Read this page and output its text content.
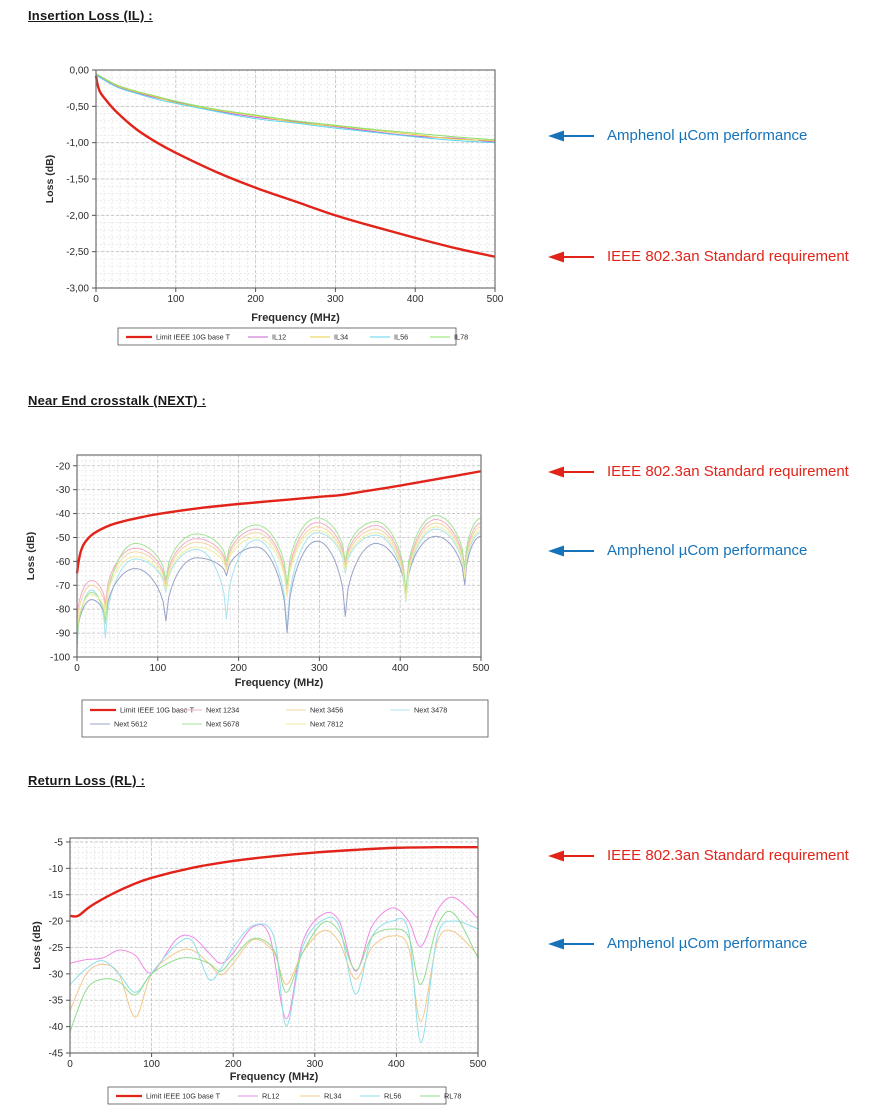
Insertion Loss (IL) :
0	100	200	300	400	500
0,00
-0,50
-1,00
-1,50
-2,00
-2,50
-3,00
Frequency (MHz)
Loss (dB)
Limit IEEE 10G base T	IL12	IL34	IL56	IL78
Amphenol µCom performance
IEEE 802.3an Standard requirement
Near End crosstalk (NEXT) :
0	100	200	300	400	500
-20
-30
-40
-50
-60
-70
-80
-90
-100
Frequency (MHz)
Loss (dB)
Limit IEEE 10G base T Next 1234	Next 3456	Next 3478
Next 5612	Next 5678	Next 7812
IEEE 802.3an Standard requirement
Amphenol µCom performance
Return Loss (RL) :
0	100	200	300	400	500
-5
-10
-15
-20
-25
-30
-35
-40
-45
Frequency (MHz)
Loss (dB)
Limit IEEE 10G base T	RL12	RL34	RL56	RL78
IEEE 802.3an Standard requirement
Amphenol µCom performance
